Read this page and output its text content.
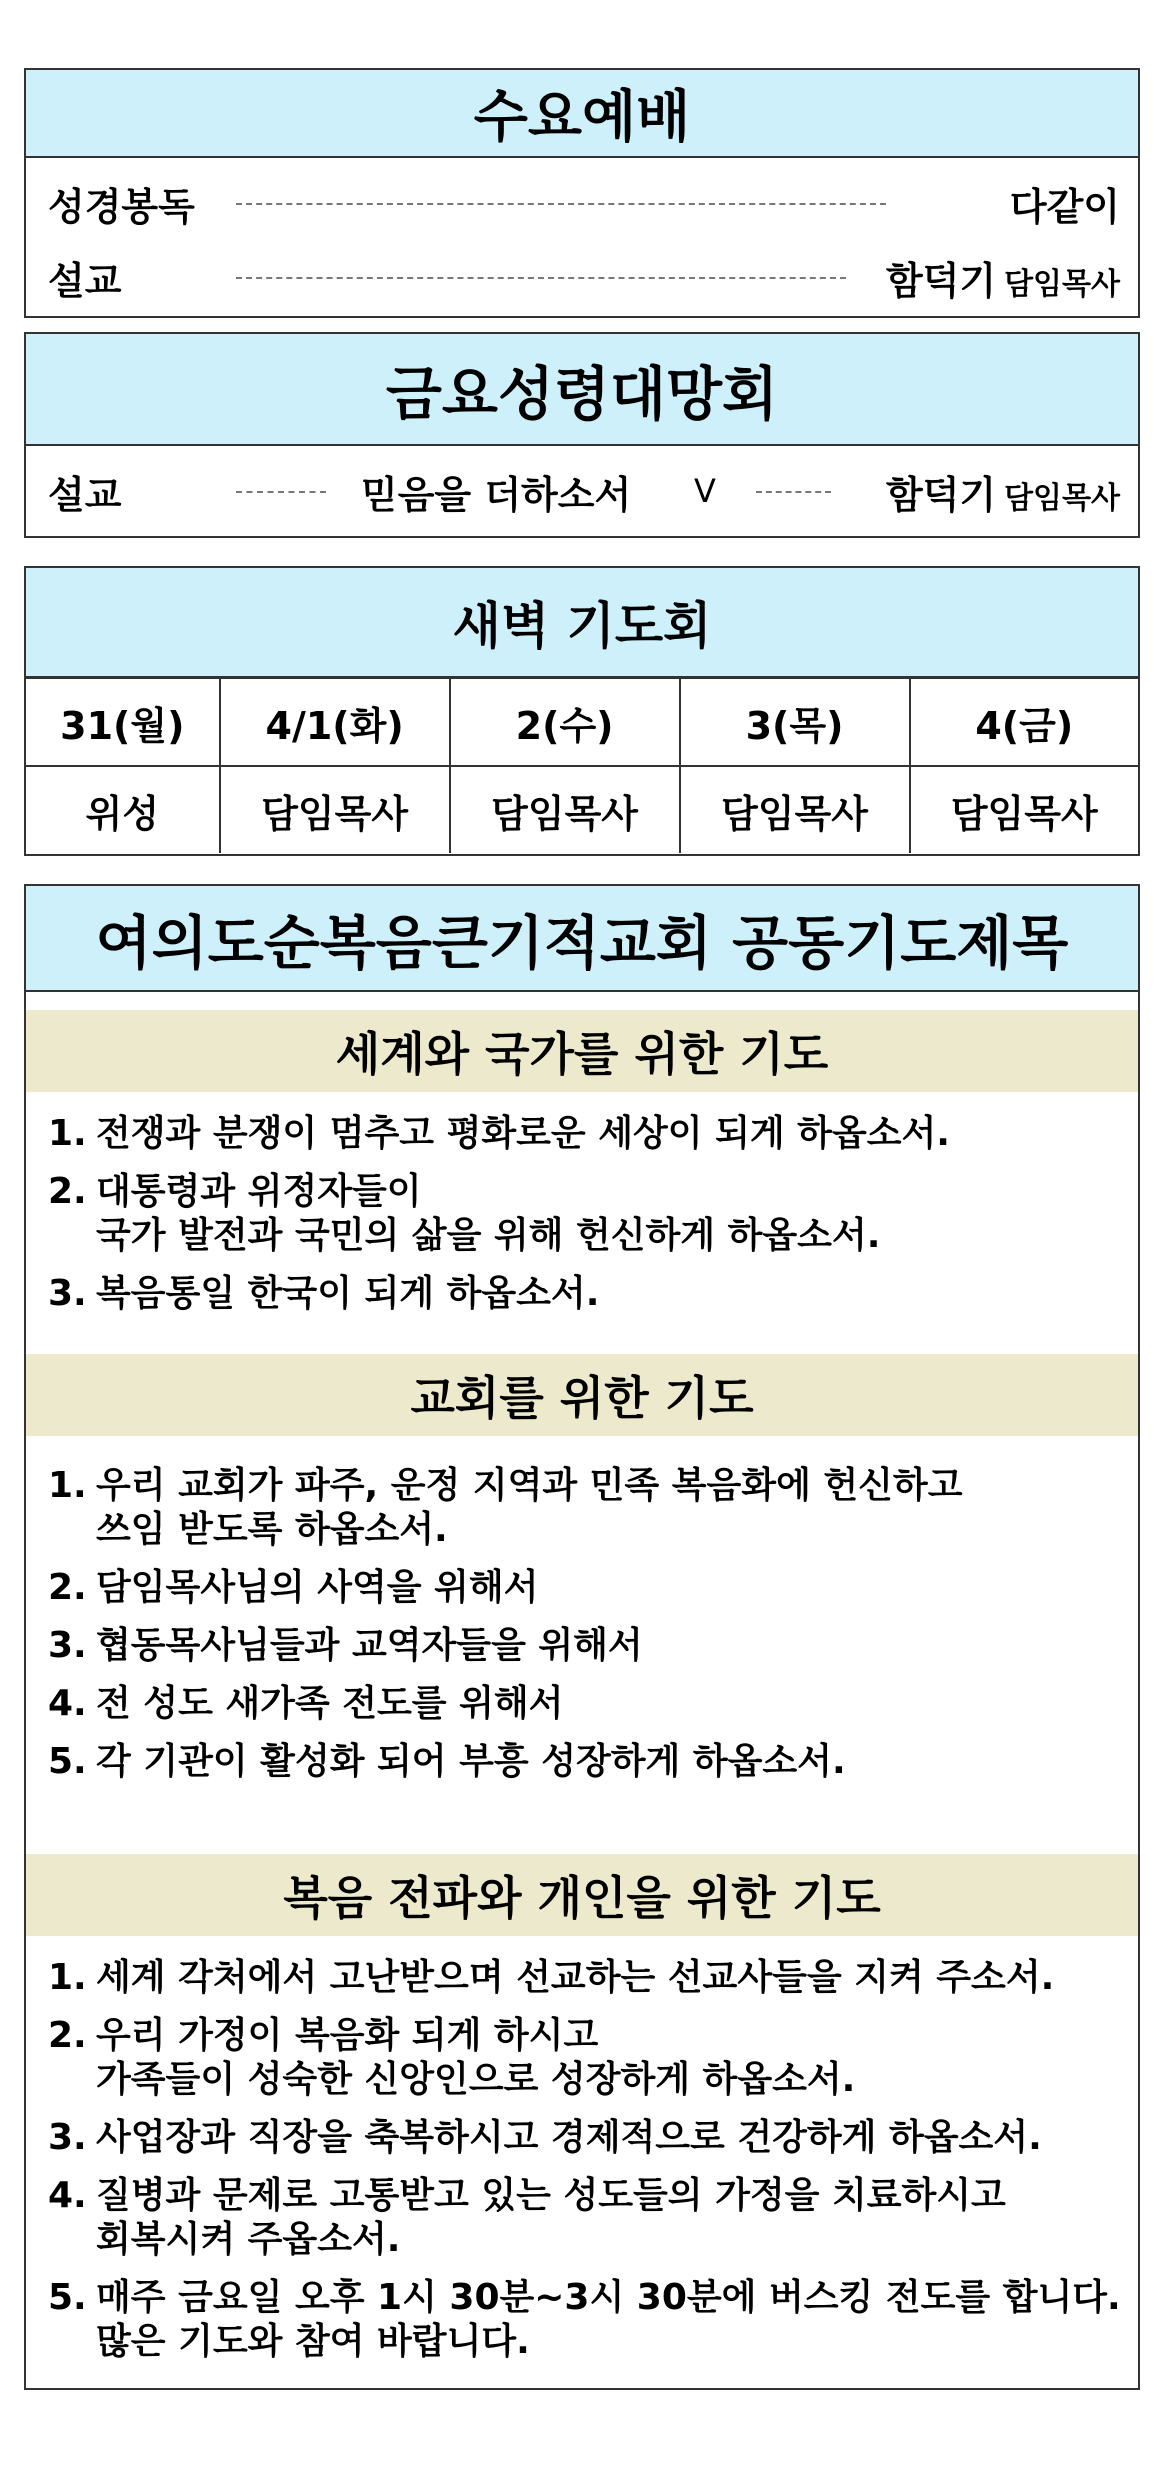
수요예배
성경봉독	다같이
설교	함덕기 담임목사
금요성령대망회
설교	믿음을 더하소서 V	함덕기 담임목사
새벽 기도회
31(월)	4/1(화)	2(수)	3(목)	4(금)
위성	담임목사	담임목사	담임목사	담임목사
여의도순복음큰기적교회 공동기도제목
세계와 국가를 위한 기도
1. 전쟁과 분쟁이 멈추고 평화로운 세상이 되게 하옵소서.
2. 대통령과 위정자들이
국가 발전과 국민의 삶을 위해 헌신하게 하옵소서.
3. 복음통일 한국이 되게 하옵소서.
교회를 위한 기도
1. 우리 교회가 파주, 운정 지역과 민족 복음화에 헌신하고
쓰임 받도록 하옵소서.
2. 담임목사님의 사역을 위해서
3. 협동목사님들과 교역자들을 위해서
4. 전 성도 새가족 전도를 위해서
5. 각 기관이 활성화 되어 부흥 성장하게 하옵소서.
복음 전파와 개인을 위한 기도
1. 세계 각처에서 고난받으며 선교하는 선교사들을 지켜 주소서.
2. 우리 가정이 복음화 되게 하시고
가족들이 성숙한 신앙인으로 성장하게 하옵소서.
3. 사업장과 직장을 축복하시고 경제적으로 건강하게 하옵소서.
4. 질병과 문제로 고통받고 있는 성도들의 가정을 치료하시고
회복시켜 주옵소서.
5. 매주 금요일 오후 1시 30분~3시 30분에 버스킹 전도를 합니다.
많은 기도와 참여 바랍니다.
